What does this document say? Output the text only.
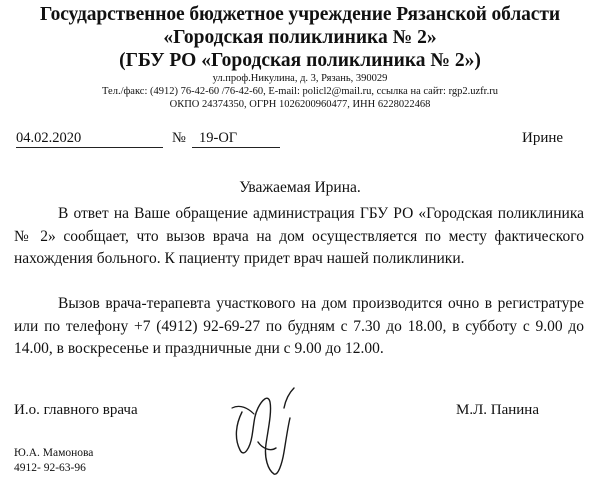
Государственное бюджетное учреждение Рязанской области
«Городская поликлиника № 2»
(ГБУ РО «Городская поликлиника № 2»)
ул.проф.Никулина, д. 3, Рязань, 390029
Тел./факс: (4912) 76-42-60 /76-42-60, E-mail: policl2@mail.ru, ссылка на сайт: rgp2.uzfr.ru
ОКПО 24374350, ОГРН 1026200960477, ИНН 6228022468
04.02.2020	№ 19-ОГ	Ирине
Уважаемая Ирина.

В ответ на Ваше обращение администрация ГБУ РО «Городская поликлиника № 2» сообщает, что вызов врача на дом осуществляется по месту фактического нахождения больного. К пациенту придет врач нашей поликлиники.

Вызов врача-терапевта участкового на дом производится очно в регистратуре или по телефону +7 (4912) 92-69-27 по будням с 7.30 до 18.00, в субботу с 9.00 до 14.00, в воскресенье и праздничные дни с 9.00 до 12.00.

И.о. главного врача	М.Л. Панина
Ю.А. Мамонова
4912- 92-63-96
